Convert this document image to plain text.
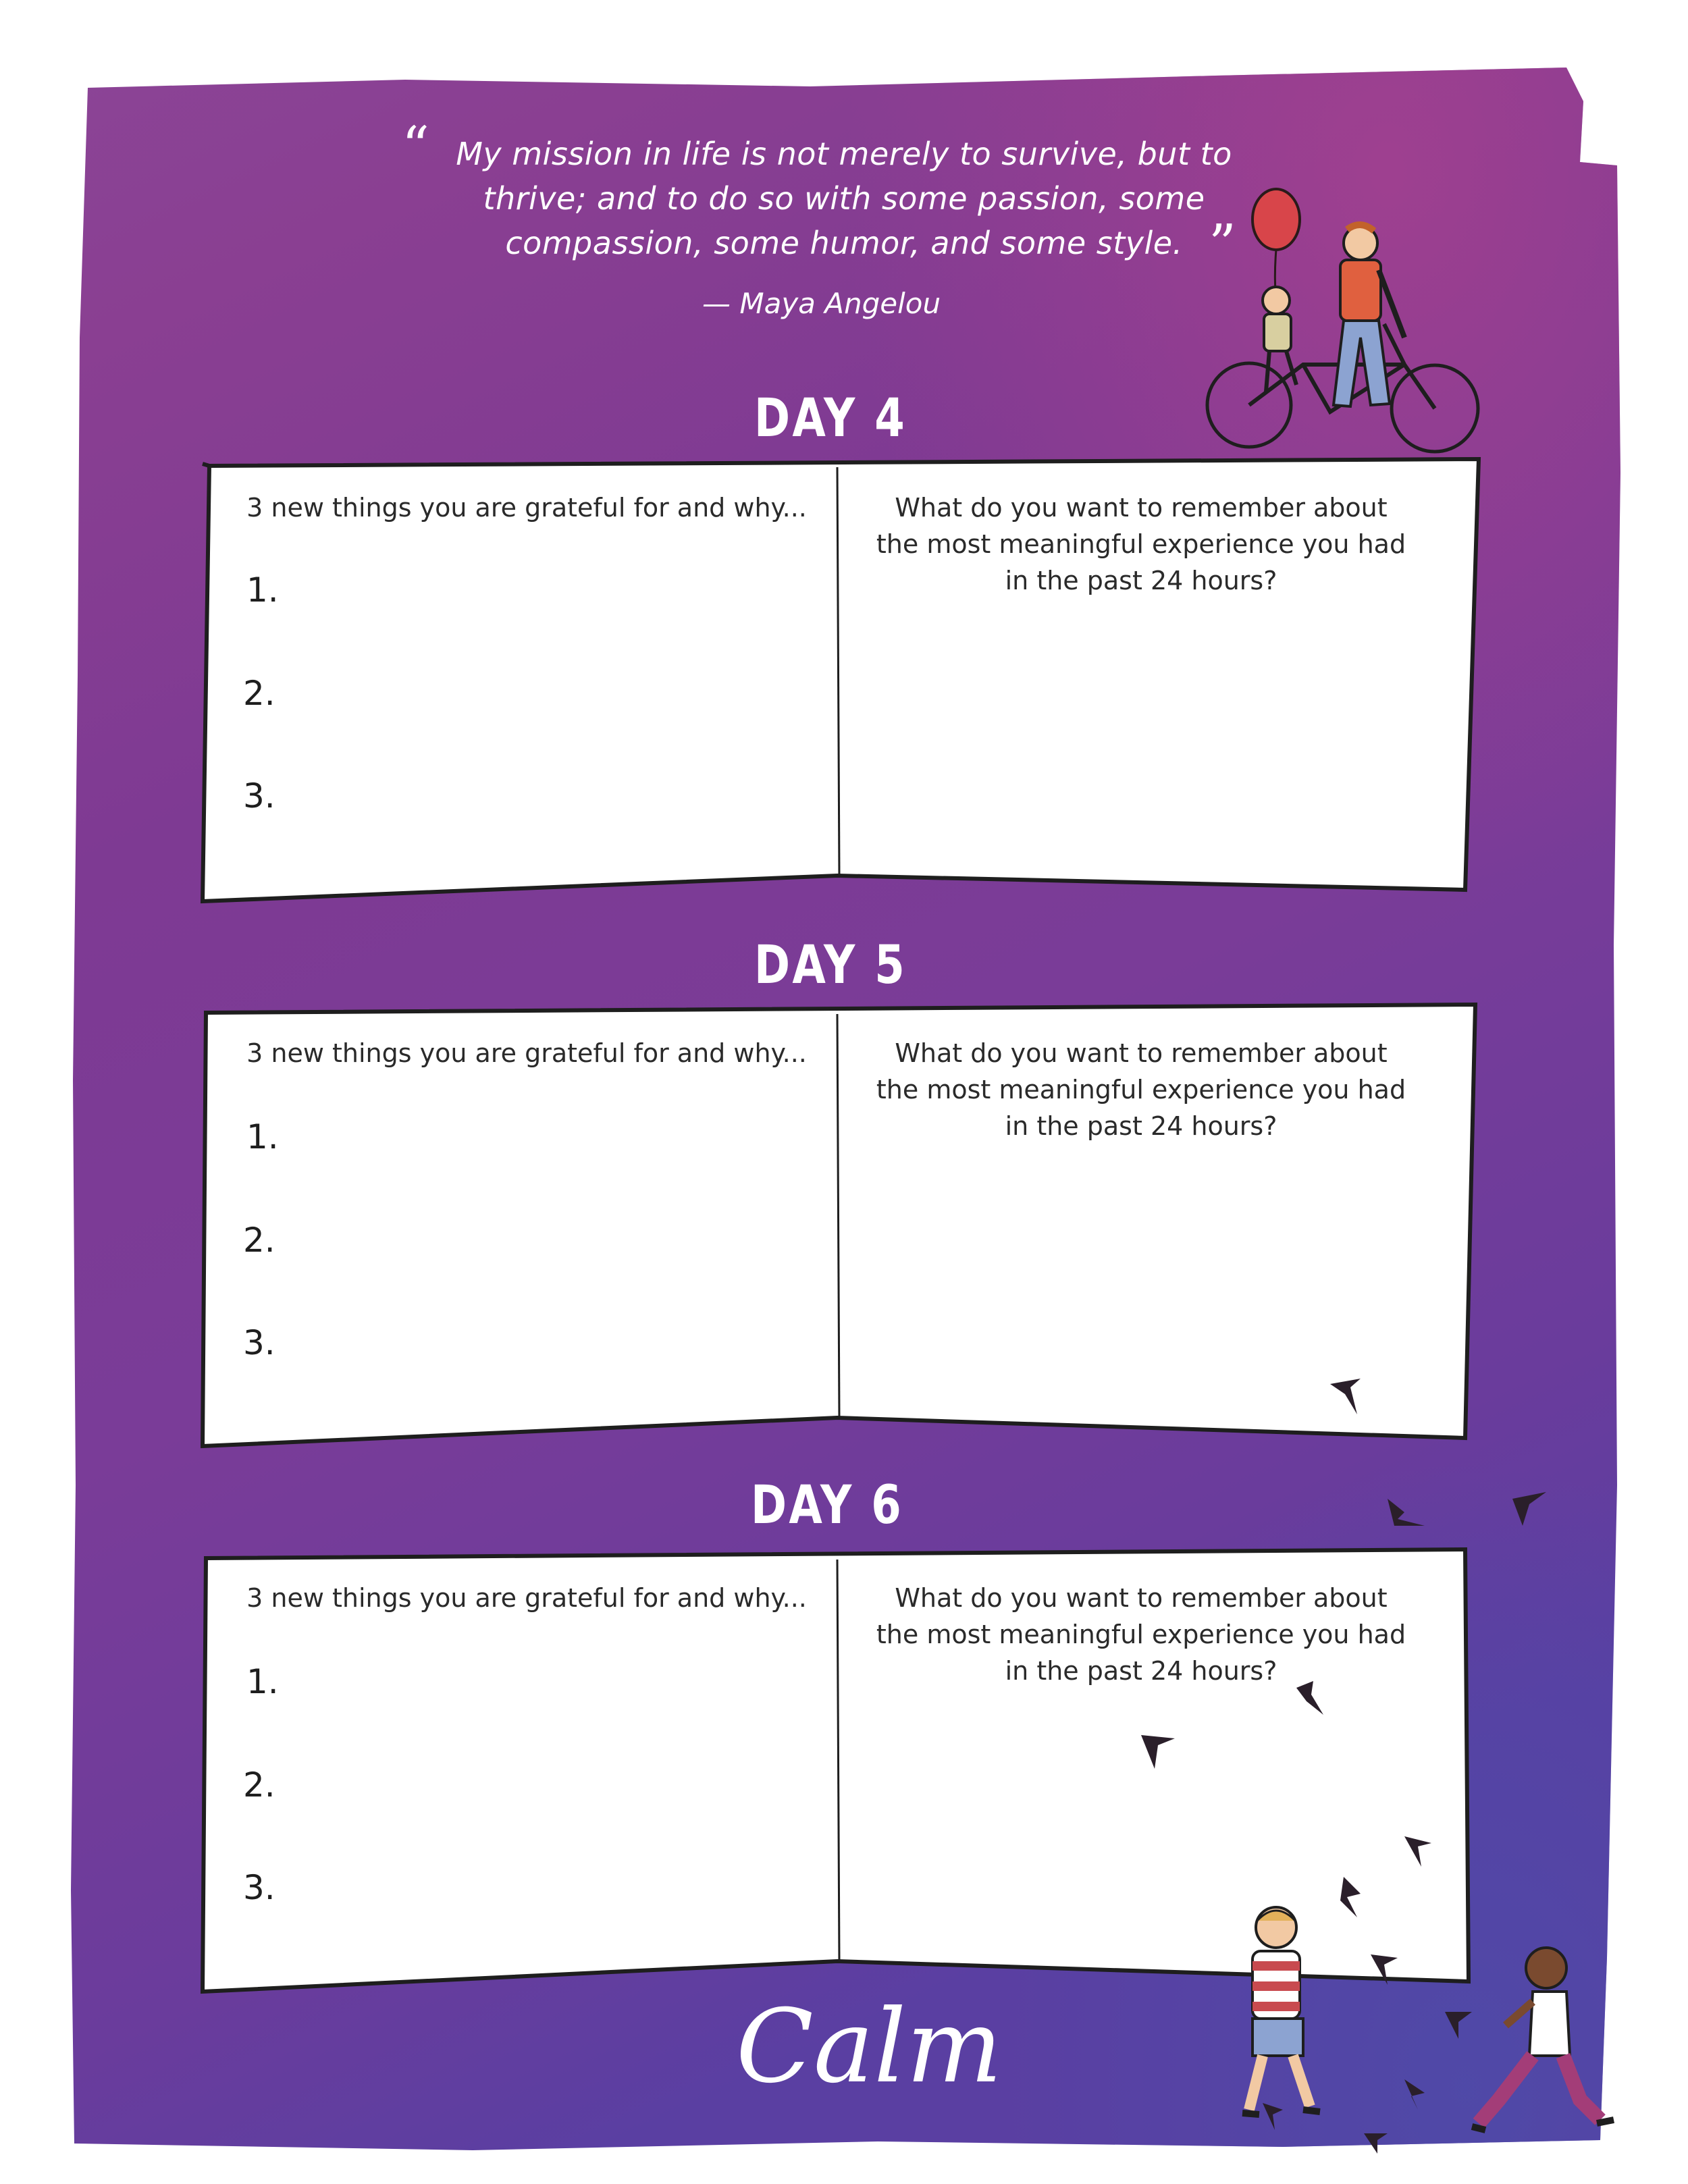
“ My mission in life is not merely to survive, but to
thrive; and to do so with some passion, some
compassion, some humor, and some style. ”
— Maya Angelou
DAY 4
3 new things you are grateful for and why...	What do you want to remember about
the most meaningful experience you had
in the past 24 hours?
1.
2.
3.
DAY 5
3 new things you are grateful for and why...	What do you want to remember about
the most meaningful experience you had
in the past 24 hours?
1.
2.
3.
DAY 6
3 new things you are grateful for and why...	What do you want to remember about
the most meaningful experience you had
in the past 24 hours?
1.
2.
3.
Calm
